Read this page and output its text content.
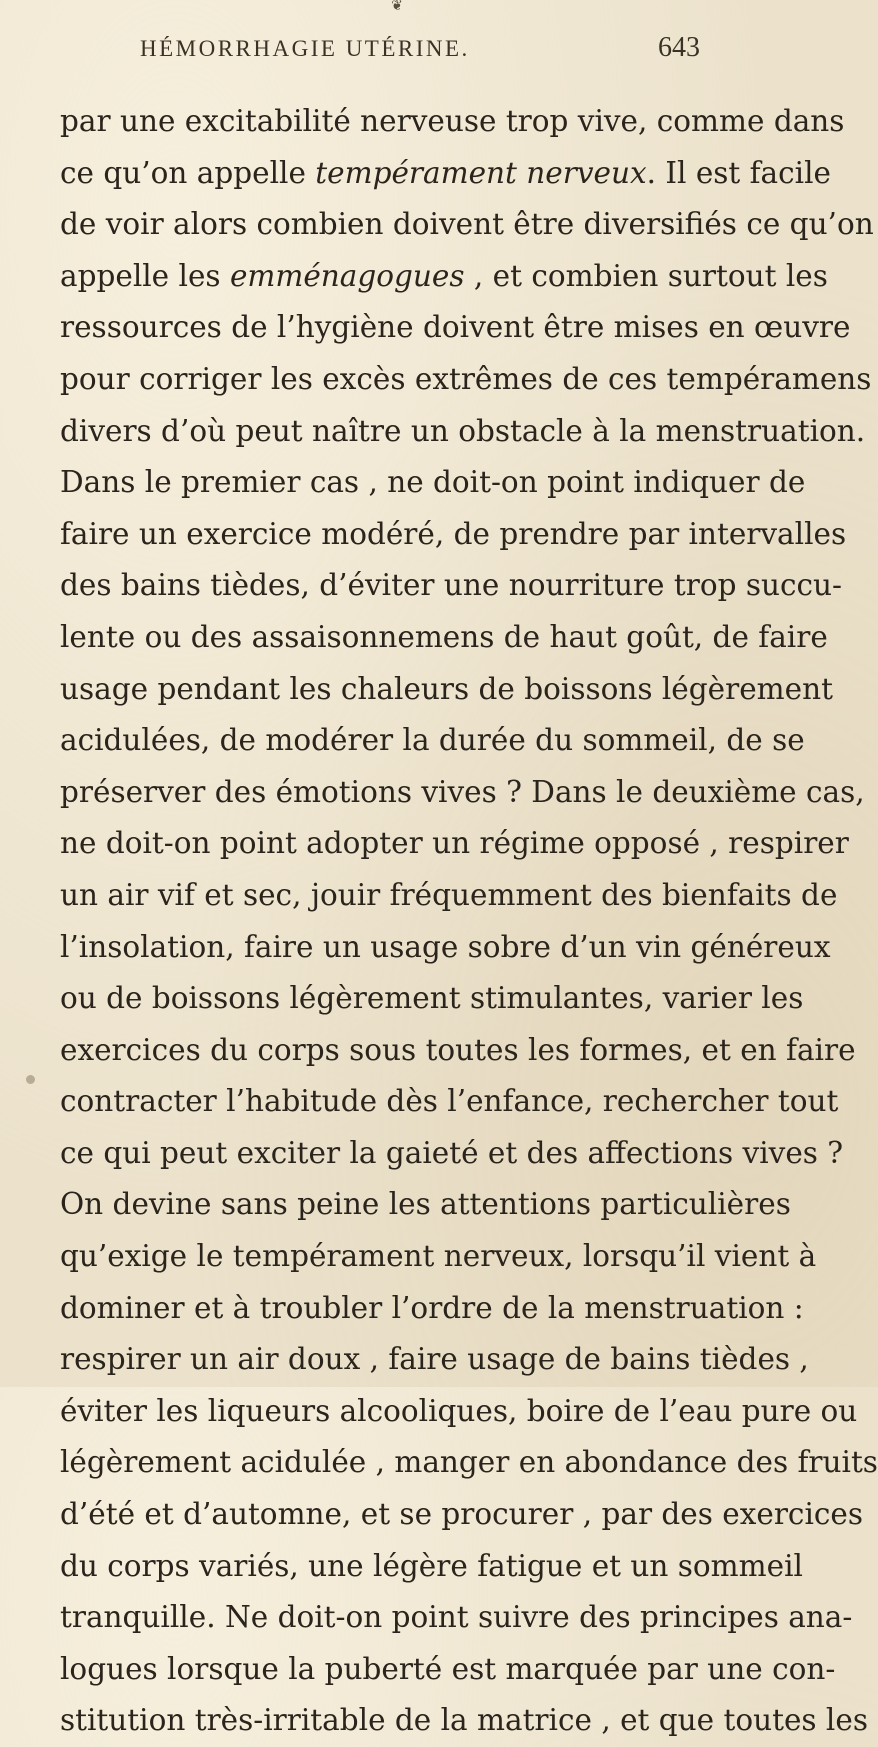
❦
HÉMORRHAGIE UTÉRINE.	643
par une excitabilité nerveuse trop vive, comme dans
ce qu’on appelle tempérament nerveux. Il est facile
de voir alors combien doivent être diversifiés ce qu’on
appelle les emménagogues , et combien surtout les
ressources de l’hygiène doivent être mises en œuvre
pour corriger les excès extrêmes de ces tempéramens
divers d’où peut naître un obstacle à la menstruation.
Dans le premier cas , ne doit-on point indiquer de
faire un exercice modéré, de prendre par intervalles
des bains tièdes, d’éviter une nourriture trop succu-
lente ou des assaisonnemens de haut goût, de faire
usage pendant les chaleurs de boissons légèrement
acidulées, de modérer la durée du sommeil, de se
préserver des émotions vives ? Dans le deuxième cas,
ne doit-on point adopter un régime opposé , respirer
un air vif et sec, jouir fréquemment des bienfaits de
l’insolation, faire un usage sobre d’un vin généreux
ou de boissons légèrement stimulantes, varier les
exercices du corps sous toutes les formes, et en faire
contracter l’habitude dès l’enfance, rechercher tout
ce qui peut exciter la gaieté et des affections vives ?
On devine sans peine les attentions particulières
qu’exige le tempérament nerveux, lorsqu’il vient à
dominer et à troubler l’ordre de la menstruation :
respirer un air doux , faire usage de bains tièdes ,
éviter les liqueurs alcooliques, boire de l’eau pure ou
légèrement acidulée , manger en abondance des fruits
d’été et d’automne, et se procurer , par des exercices
du corps variés, une légère fatigue et un sommeil
tranquille. Ne doit-on point suivre des principes ana-
logues lorsque la puberté est marquée par une con-
stitution très-irritable de la matrice , et que toutes les
